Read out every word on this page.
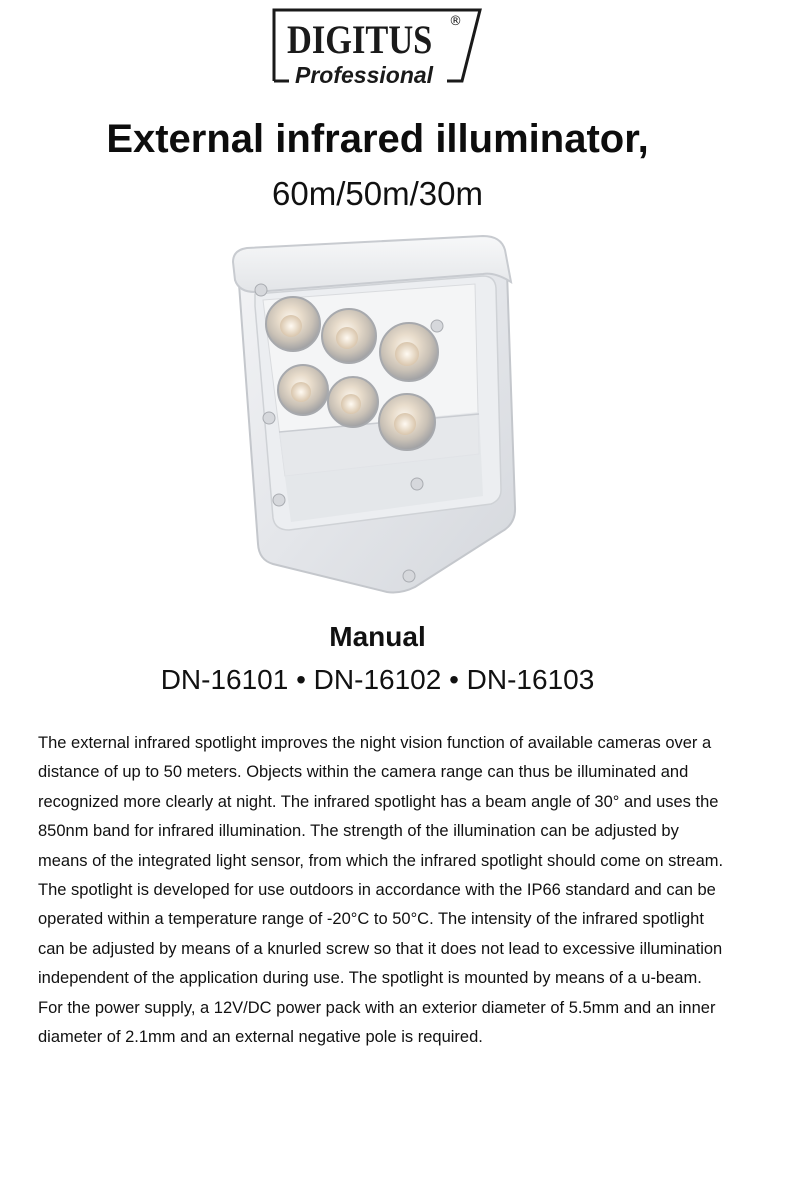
DIGITUS ®
Professional
External infrared illuminator,
60m/50m/30m
Manual
DN-16101 • DN-16102 • DN-16103
The external infrared spotlight improves the night vision function of available cameras over a distance of up to 50 meters. Objects within the camera range can thus be illuminated and recognized more clearly at night. The infrared spotlight has a beam angle of 30° and uses the 850nm band for infrared illumination. The strength of the illumination can be adjusted by means of the integrated light sensor, from which the infrared spotlight should come on stream. The spotlight is developed for use outdoors in accordance with the IP66 standard and can be operated within a temperature range of -20°C to 50°C. The intensity of the infrared spotlight can be adjusted by means of a knurled screw so that it does not lead to excessive illumination independent of the application during use. The spotlight is mounted by means of a u-beam. For the power supply, a 12V/DC power pack with an exterior diameter of 5.5mm and an inner diameter of 2.1mm and an external negative pole is required.
